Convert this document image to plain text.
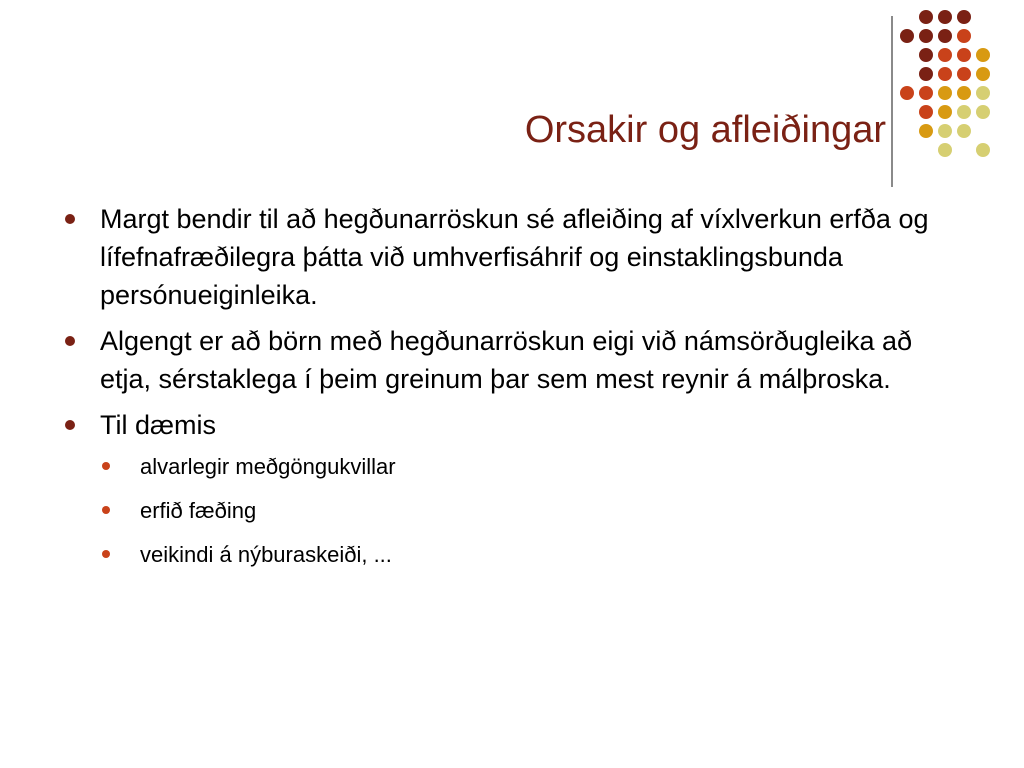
Orsakir og afleiðingar
Margt bendir til að hegðunarröskun sé afleiðing af víxlverkun erfða og lífefnafræðilegra þátta við umhverfisáhrif og einstaklingsbunda persónueiginleika.
Algengt er að börn með hegðunarröskun eigi við námsörðugleika að etja, sérstaklega í þeim greinum þar sem mest reynir á málþroska.
Til dæmis
alvarlegir meðgöngukvillar
erfið fæðing
veikindi á nýburaskeiði, ...
